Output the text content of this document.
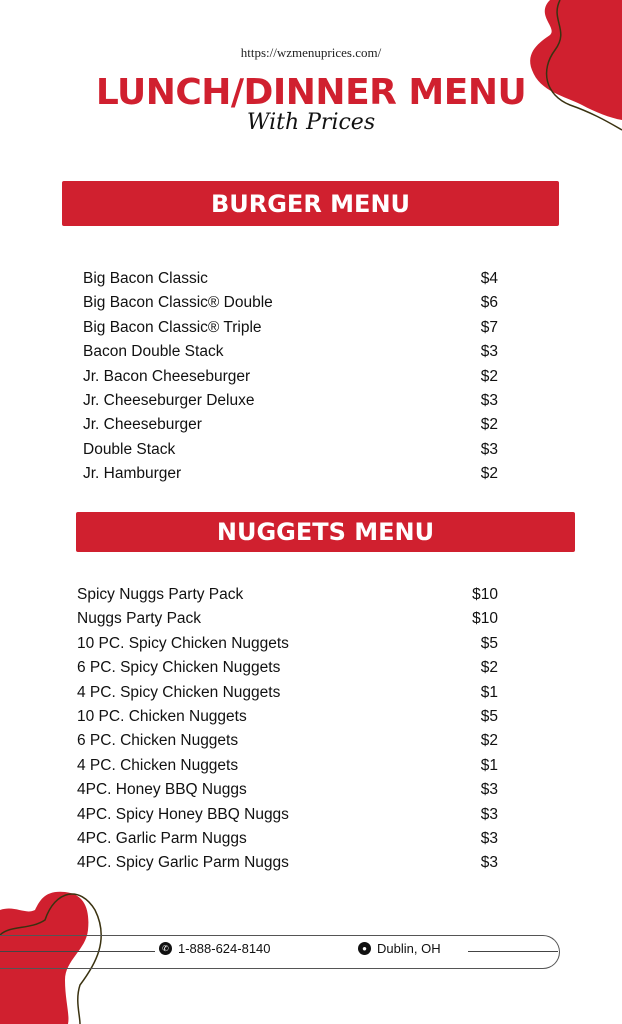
https://wzmenuprices.com/
LUNCH/DINNER MENU
With Prices
BURGER MENU
Big Bacon Classic	$4
Big Bacon Classic® Double	$6
Big Bacon Classic® Triple	$7
Bacon Double Stack	$3
Jr. Bacon Cheeseburger	$2
Jr. Cheeseburger Deluxe	$3
Jr. Cheeseburger	$2
Double Stack	$3
Jr. Hamburger	$2
NUGGETS MENU
Spicy Nuggs Party Pack	$10
Nuggs Party Pack	$10
10 PC. Spicy Chicken Nuggets	$5
6 PC. Spicy Chicken Nuggets	$2
4 PC. Spicy Chicken Nuggets	$1
10 PC. Chicken Nuggets	$5
6 PC. Chicken Nuggets	$2
4 PC. Chicken Nuggets	$1
4PC. Honey BBQ Nuggs	$3
4PC. Spicy Honey BBQ Nuggs	$3
4PC. Garlic Parm Nuggs	$3
4PC. Spicy Garlic Parm Nuggs	$3
✆ 1-888-624-8140	● Dublin, OH
